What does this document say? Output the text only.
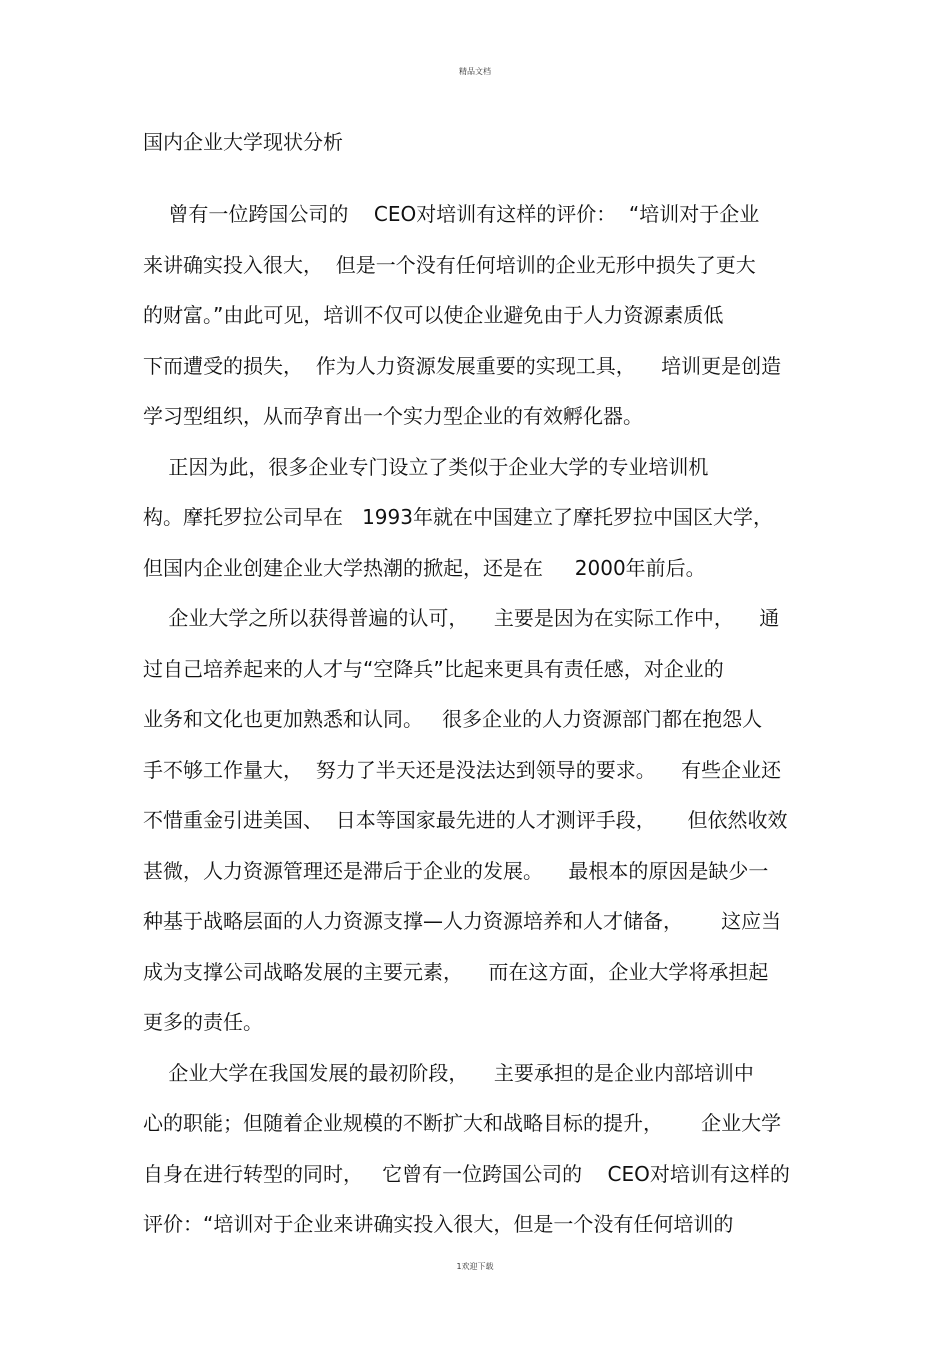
精品文档
国内企业大学现状分析
曾有一位跨国公司的    CEO对培训有这样的评价：  “培训对于企业
来讲确实投入很大，  但是一个没有任何培训的企业无形中损失了更大
的财富。”由此可见，培训不仅可以使企业避免由于人力资源素质低
下而遭受的损失，  作为人力资源发展重要的实现工具，    培训更是创造
学习型组织，从而孕育出一个实力型企业的有效孵化器。
正因为此，很多企业专门设立了类似于企业大学的专业培训机
构。摩托罗拉公司早在   1993年就在中国建立了摩托罗拉中国区大学，
但国内企业创建企业大学热潮的掀起，还是在     2000年前后。
企业大学之所以获得普遍的认可，    主要是因为在实际工作中，    通
过自己培养起来的人才与“空降兵”比起来更具有责任感，对企业的
业务和文化也更加熟悉和认同。   很多企业的人力资源部门都在抱怨人
手不够工作量大，  努力了半天还是没法达到领导的要求。    有些企业还
不惜重金引进美国、  日本等国家最先进的人才测评手段，     但依然收效
甚微，人力资源管理还是滞后于企业的发展。    最根本的原因是缺少一
种基于战略层面的人力资源支撑—人力资源培养和人才储备，      这应当
成为支撑公司战略发展的主要元素，    而在这方面，企业大学将承担起
更多的责任。
企业大学在我国发展的最初阶段，    主要承担的是企业内部培训中
心的职能；但随着企业规模的不断扩大和战略目标的提升，      企业大学
自身在进行转型的同时，   它曾有一位跨国公司的    CEO对培训有这样的
评价：“培训对于企业来讲确实投入很大，但是一个没有任何培训的
1欢迎下载
